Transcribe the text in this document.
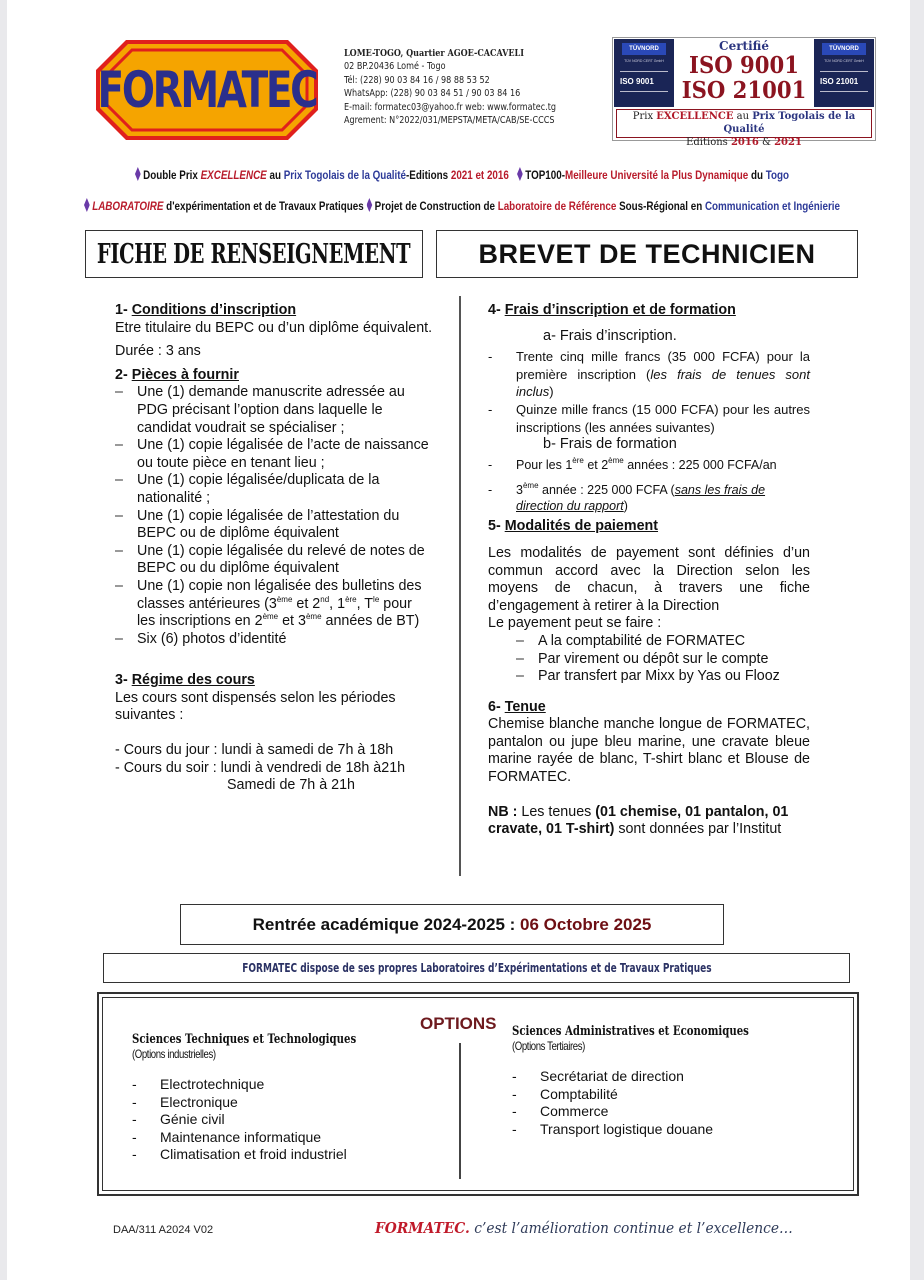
FORMATEC
LOME-TOGO, Quartier AGOE-CACAVELI
02 BP.20436 Lomé - Togo
Tél: (228) 90 03 84 16 / 98 88 53 52
WhatsApp: (228) 90 03 84 51 / 90 03 84 16
E-mail: formatec03@yahoo.fr web: www.formatec.tg
Agrement: N°2022/031/MEPSTA/META/CAB/SE-CCCS
TÜVNORD
TÜV NORD CERT GmbH
ISO 9001
Certifié
ISO 9001
ISO 21001
TÜVNORD
TÜV NORD CERT GmbH
ISO 21001
Prix EXCELLENCE au Prix Togolais de la Qualité
Editions 2016 & 2021
Double Prix EXCELLENCE au Prix Togolais de la Qualité-Editions 2021 et 2016 TOP100-Meilleure Université la Plus Dynamique du Togo
LABORATOIRE d'expérimentation et de Travaux Pratiques Projet de Construction de Laboratoire de Référence Sous-Régional en Communication et Ingénierie
FICHE DE RENSEIGNEMENT	BREVET DE TECHNICIEN
1- Conditions d’inscription

Etre titulaire du BEPC ou d’un diplôme équivalent.

Durée : 3 ans

2- Pièces à fournir
– Une (1) demande manuscrite adressée au PDG précisant l’option dans laquelle le candidat voudrait se spécialiser ;
– Une (1) copie légalisée de l’acte de naissance ou toute pièce en tenant lieu ;
– Une (1) copie légalisée/duplicata de la nationalité ;
– Une (1) copie légalisée de l’attestation du BEPC ou de diplôme équivalent
– Une (1) copie légalisée du relevé de notes de BEPC ou du diplôme équivalent
– Une (1) copie non légalisée des bulletins des classes antérieures (3ème et 2nd, 1ère, $T^{le}$ pour les inscriptions en 2ème et 3ème années de BT)
– Six (6) photos d’identité
3- Régime des cours

Les cours sont dispensés selon les périodes suivantes :

- Cours du jour : lundi à samedi de 7h à 18h

- Cours du soir : lundi à vendredi de 18h à21h

Samedi de 7h à 21h

4- Frais d’inscription et de formation

a- Frais d’inscription.

- Trente cinq mille francs (35 000 FCFA) pour la première inscription (les frais de tenues sont inclus)
- Quinze mille francs (15 000 FCFA) pour les autres inscriptions (les années suivantes)

b- Frais de formation

- Pour les 1ère et 2ème années : 225 000 FCFA/an
- 3ème année : 225 000 FCFA (sans les frais de direction du rapport)
5- Modalités de paiement

Les modalités de payement sont définies d’un commun accord avec la Direction selon les moyens de chacun, à travers une fiche d’engagement à retirer à la Direction

Le payement peut se faire :

– A la comptabilité de FORMATEC
– Par virement ou dépôt sur le compte
– Par transfert par Mixx by Yas ou Flooz
6- Tenue

Chemise blanche manche longue de FORMATEC, pantalon ou jupe bleu marine, une cravate bleue marine rayée de blanc, T-shirt blanc et Blouse de FORMATEC.

NB : Les tenues (01 chemise, 01 pantalon, 01 cravate, 01 T-shirt) sont données par l’Institut

Rentrée académique 2024-2025 :
06 Octobre 2025
FORMATEC dispose de ses propres Laboratoires d’Expérimentations et de Travaux Pratiques
OPTIONS
Sciences Techniques et Technologiques
(Options industrielles)
- Electrotechnique
- Electronique
- Génie civil
- Maintenance informatique
- Climatisation et froid industriel
Sciences Administratives et Economiques
(Options Tertiaires)
- Secrétariat de direction
- Comptabilité
- Commerce
- Transport logistique douane
DAA/311 A2024 V02	FORMATEC. c’est l’amélioration continue et l’excellence…
